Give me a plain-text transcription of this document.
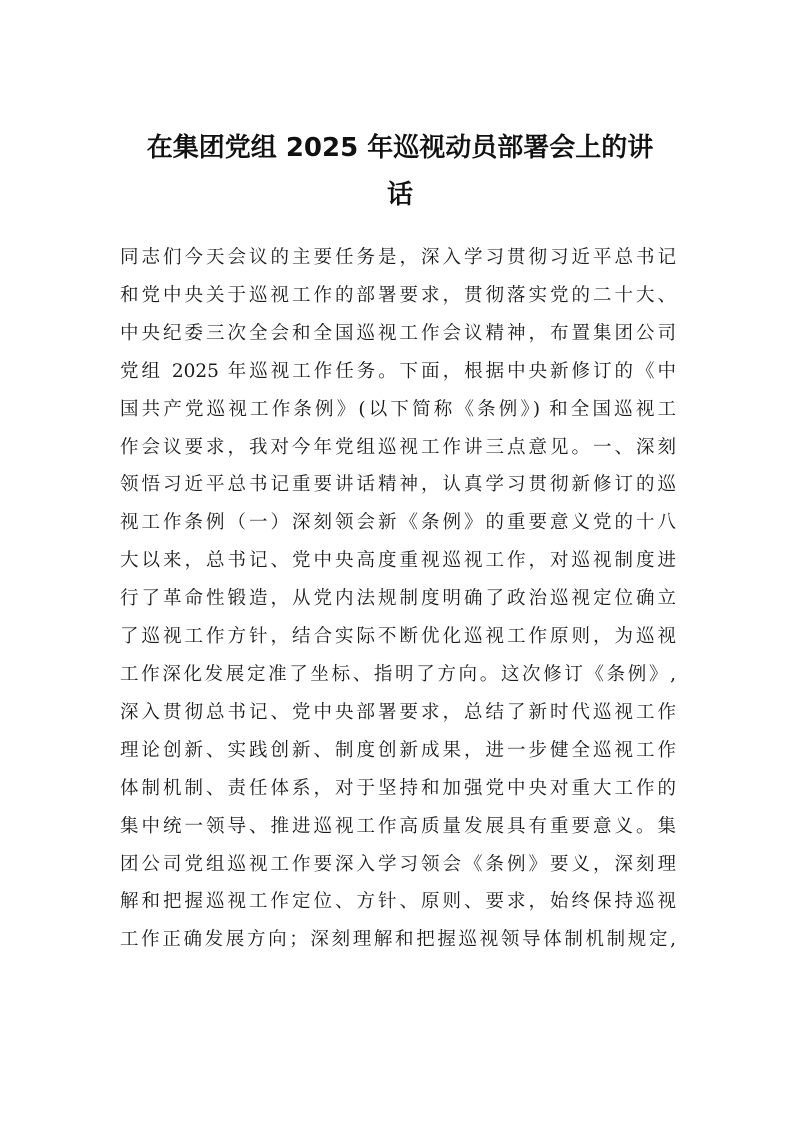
在集团党组 2025 年巡视动员部署会上的讲
话
同志们今天会议的主要任务是，深入学习贯彻习近平总书记
和党中央关于巡视工作的部署要求，贯彻落实党的二十大、
中央纪委三次全会和全国巡视工作会议精神，布置集团公司
党组 2025 年巡视工作任务。下面，根据中央新修订的《中
国共产党巡视工作条例》(以下简称《条例》) 和全国巡视工
作会议要求，我对今年党组巡视工作讲三点意见。一、深刻
领悟习近平总书记重要讲话精神，认真学习贯彻新修订的巡
视工作条例（一）深刻领会新《条例》的重要意义党的十八
大以来，总书记、党中央高度重视巡视工作，对巡视制度进
行了革命性锻造，从党内法规制度明确了政治巡视定位确立
了巡视工作方针，结合实际不断优化巡视工作原则，为巡视
工作深化发展定准了坐标、指明了方向。这次修订《条例》,
深入贯彻总书记、党中央部署要求，总结了新时代巡视工作
理论创新、实践创新、制度创新成果，进一步健全巡视工作
体制机制、责任体系，对于坚持和加强党中央对重大工作的
集中统一领导、推进巡视工作高质量发展具有重要意义。集
团公司党组巡视工作要深入学习领会《条例》要义，深刻理
解和把握巡视工作定位、方针、原则、要求，始终保持巡视
工作正确发展方向；深刻理解和把握巡视领导体制机制规定,
